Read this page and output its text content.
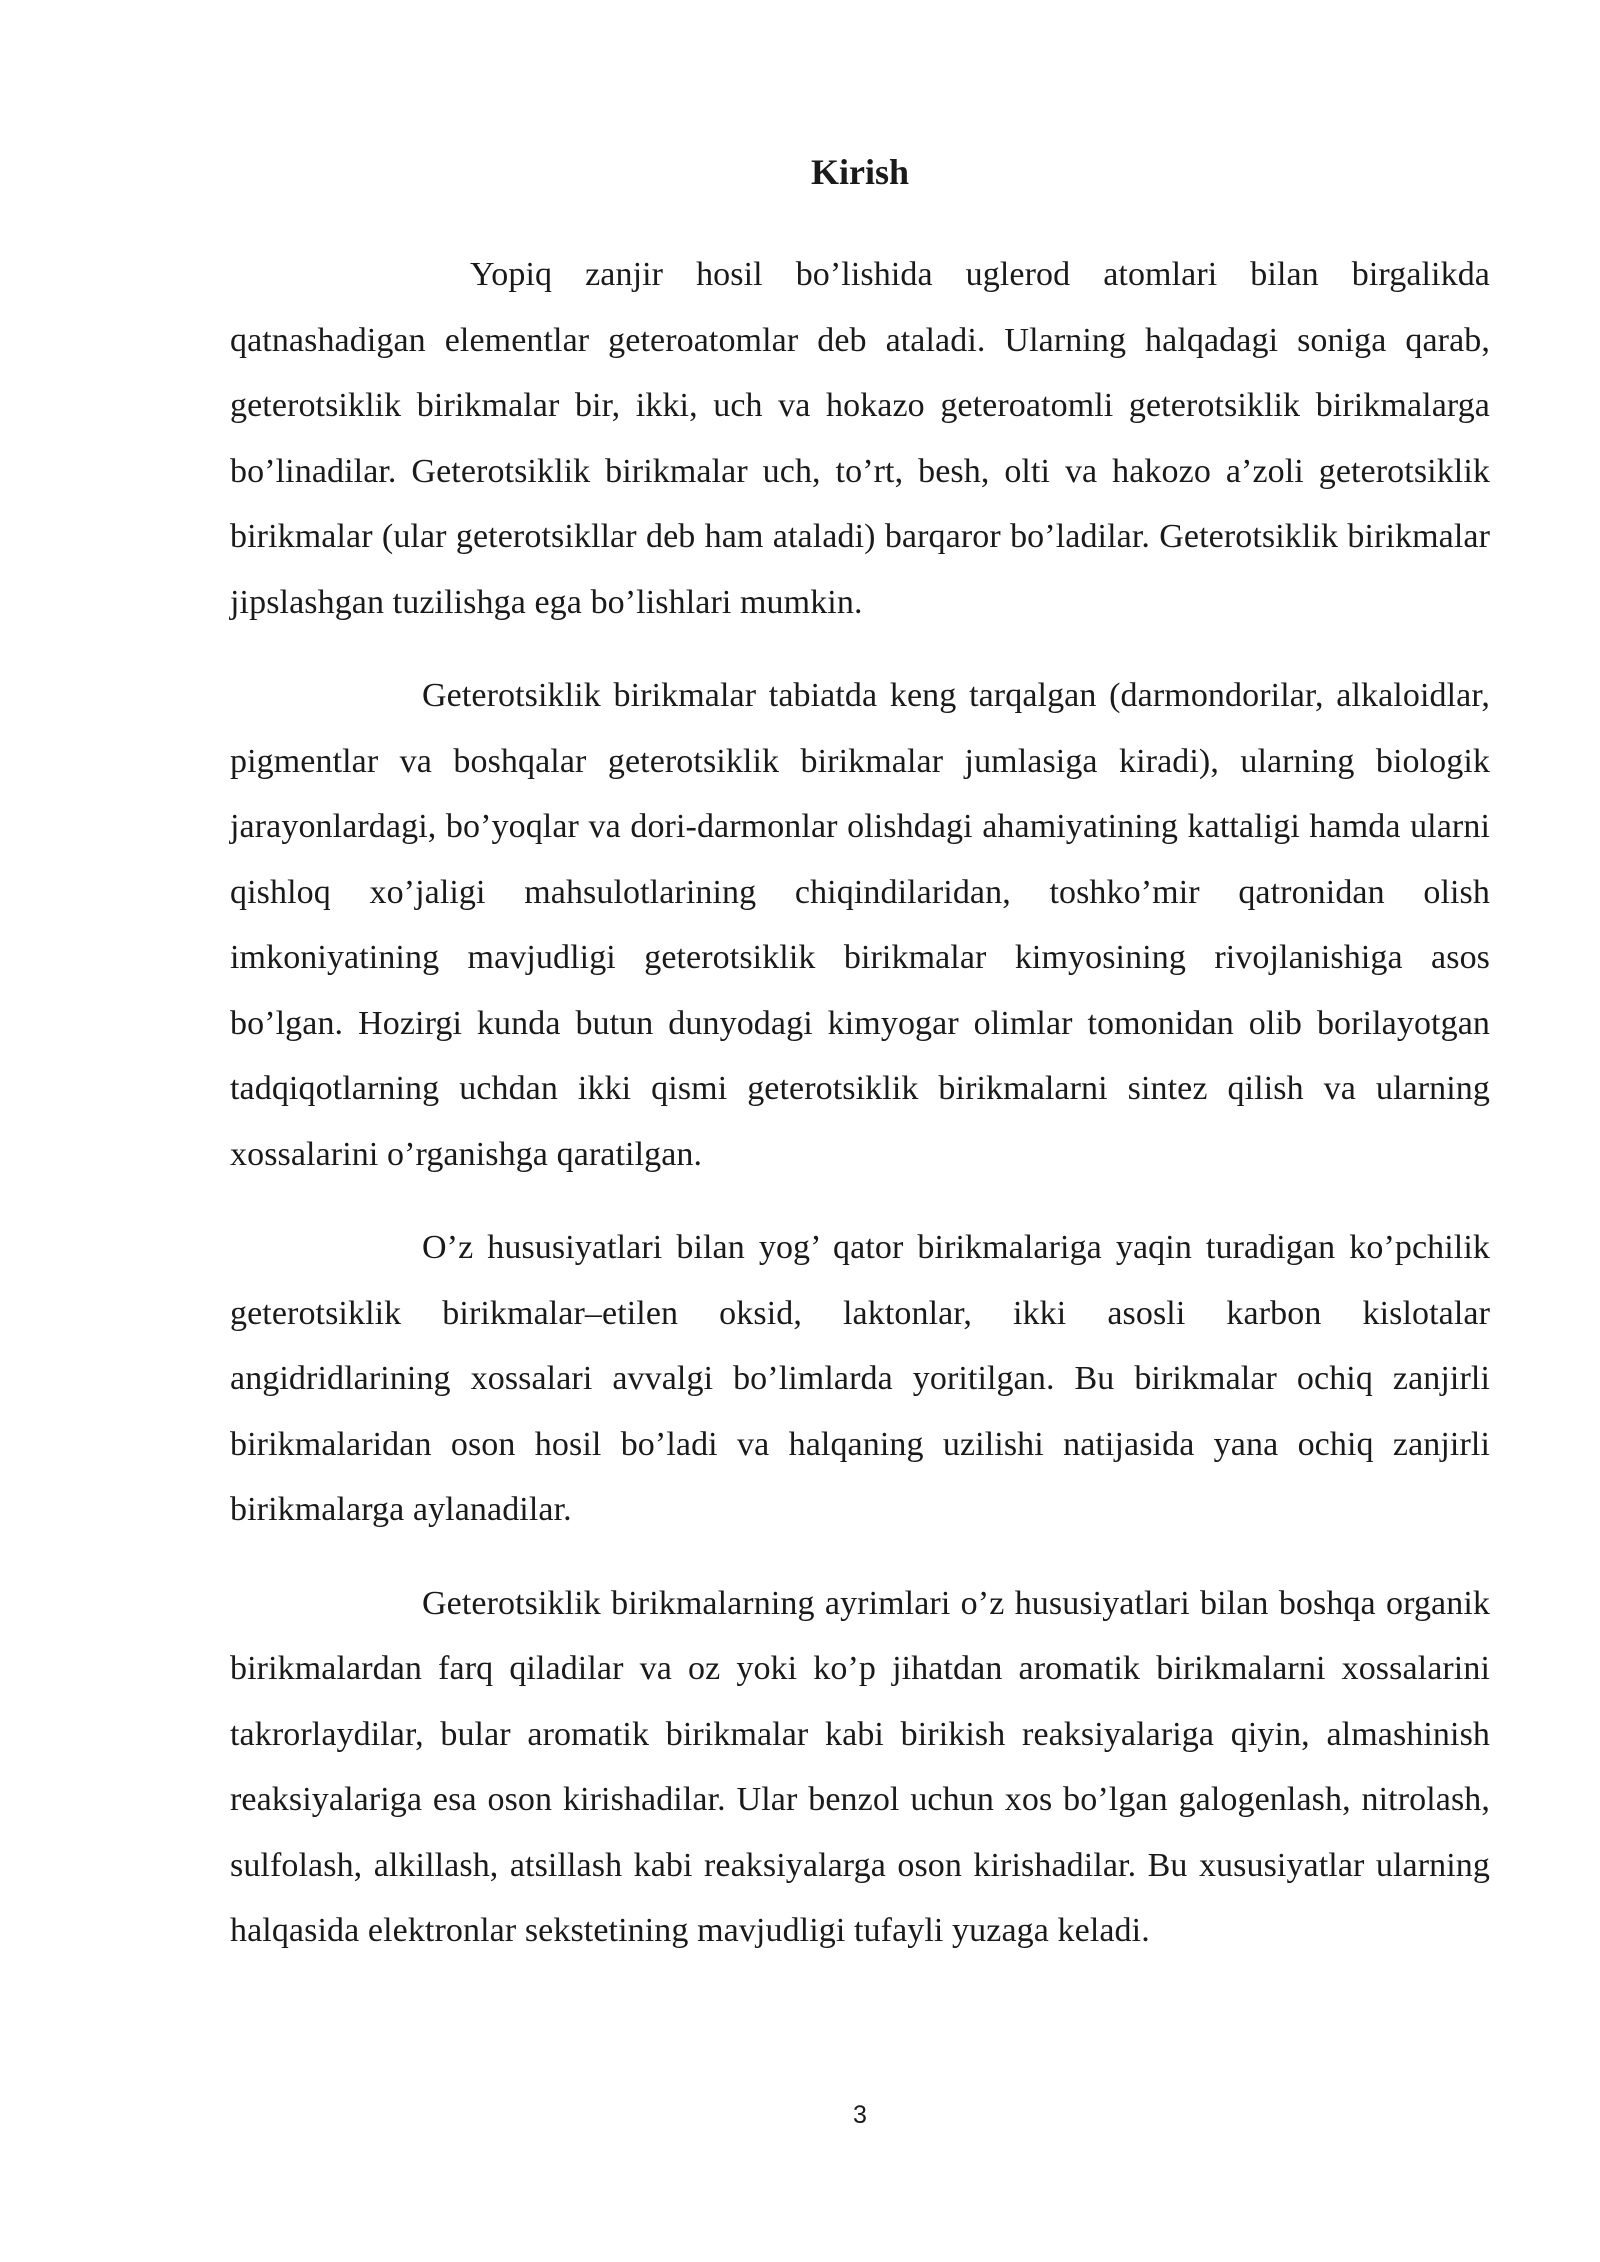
Kirish

Yopiq zanjir hosil bo’lishida uglerod atomlari bilan birgalikda qatnashadigan elementlar geteroatomlar deb ataladi. Ularning halqadagi soniga qarab, geterotsiklik birikmalar bir, ikki, uch va hokazo geteroatomli geterotsiklik birikmalarga bo’linadilar. Geterotsiklik birikmalar uch, to’rt, besh, olti va hakozo a’zoli geterotsiklik birikmalar (ular geterotsikllar deb ham ataladi) barqaror bo’ladilar. Geterotsiklik birikmalar jipslashgan tuzilishga ega bo’lishlari mumkin.

Geterotsiklik birikmalar tabiatda keng tarqalgan (darmondorilar, alkaloidlar, pigmentlar va boshqalar geterotsiklik birikmalar jumlasiga kiradi), ularning biologik jarayonlardagi, bo’yoqlar va dori-darmonlar olishdagi ahamiyatining kattaligi hamda ularni qishloq xo’jaligi mahsulotlarining chiqindilaridan, toshko’mir qatronidan olish imkoniyatining mavjudligi geterotsiklik birikmalar kimyosining rivojlanishiga asos bo’lgan. Hozirgi kunda butun dunyodagi kimyogar olimlar tomonidan olib borilayotgan tadqiqotlarning uchdan ikki qismi geterotsiklik birikmalarni sintez qilish va ularning xossalarini o’rganishga qaratilgan.

O’z hususiyatlari bilan yog’ qator birikmalariga yaqin turadigan ko’pchilik geterotsiklik birikmalar–etilen oksid, laktonlar, ikki asosli karbon kislotalar angidridlarining xossalari avvalgi bo’limlarda yoritilgan. Bu birikmalar ochiq zanjirli birikmalaridan oson hosil bo’ladi va halqaning uzilishi natijasida yana ochiq zanjirli birikmalarga aylanadilar.

Geterotsiklik birikmalarning ayrimlari o’z hususiyatlari bilan boshqa organik birikmalardan farq qiladilar va oz yoki ko’p jihatdan aromatik birikmalarni xossalarini takrorlaydilar, bular aromatik birikmalar kabi birikish reaksiyalariga qiyin, almashinish reaksiyalariga esa oson kirishadilar. Ular benzol uchun xos bo’lgan galogenlash, nitrolash, sulfolash, alkillash, atsillash kabi reaksiyalarga oson kirishadilar. Bu xususiyatlar ularning halqasida elektronlar sekstetining mavjudligi tufayli yuzaga keladi.

3
